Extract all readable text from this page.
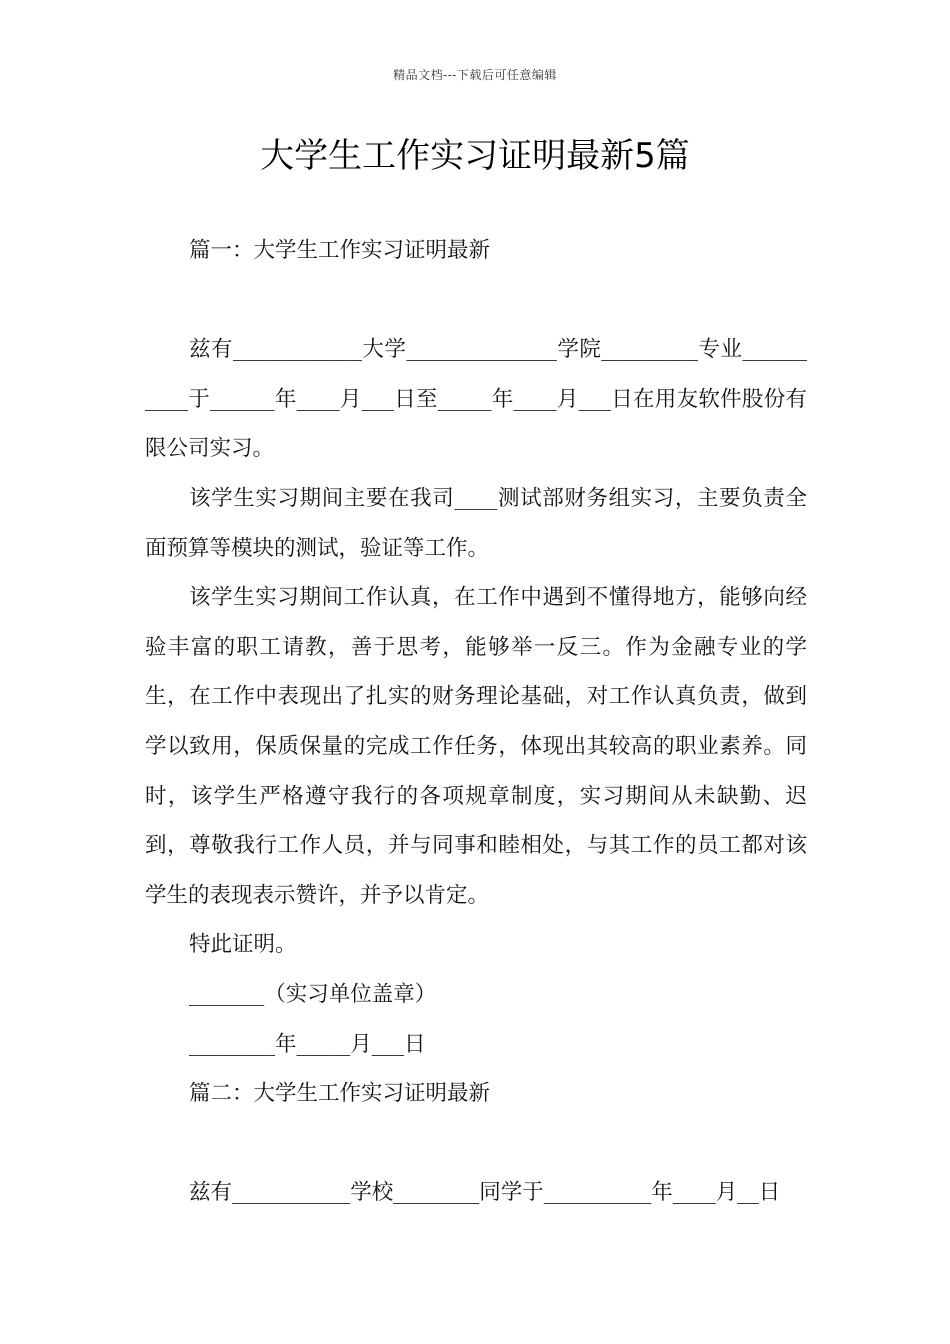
精品文档---下载后可任意编辑
大学生工作实习证明最新5篇

篇一：大学生工作实习证明最新

兹有____________大学______________学院_________专业__________于______年____月___日至_____年____月___日在用友软件股份有限公司实习。

该学生实习期间主要在我司____测试部财务组实习，主要负责全面预算等模块的测试，验证等工作。

该学生实习期间工作认真，在工作中遇到不懂得地方，能够向经验丰富的职工请教，善于思考，能够举一反三。作为金融专业的学生，在工作中表现出了扎实的财务理论基础，对工作认真负责，做到学以致用，保质保量的完成工作任务，体现出其较高的职业素养。同时，该学生严格遵守我行的各项规章制度，实习期间从未缺勤、迟到，尊敬我行工作人员，并与同事和睦相处，与其工作的员工都对该学生的表现表示赞许，并予以肯定。

特此证明。

_______（实习单位盖章）

________年_____月___日

篇二：大学生工作实习证明最新

兹有___________学校________同学于__________年____月__日
